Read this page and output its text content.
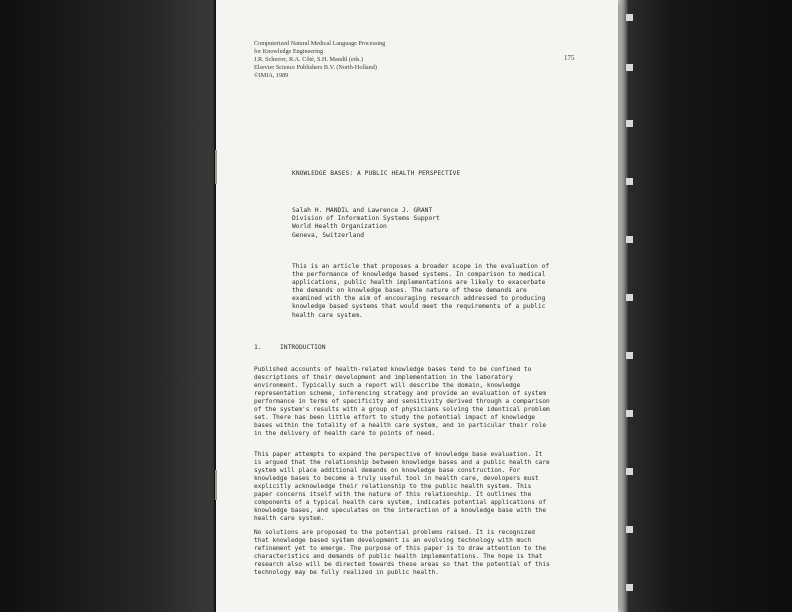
Computerized Natural Medical Language Processing
for Knowledge Engineering
J.R. Scherrer, R.A. Côté, S.H. Mandil (eds.)
Elsevier Science Publishers B.V. (North-Holland)
©IMIA, 1989
175
KNOWLEDGE BASES: A PUBLIC HEALTH PERSPECTIVE
Salah H. MANDIL and Lawrence J. GRANT
Division of Information Systems Support
World Health Organization
Geneva, Switzerland
This is an article that proposes a broader scope in the evaluation of
the performance of knowledge based systems. In comparison to medical
applications, public health implementations are likely to exacerbate
the demands on knowledge bases. The nature of these demands are
examined with the aim of encouraging research addressed to producing
knowledge based systems that would meet the requirements of a public
health care system.
1.	INTRODUCTION
Published accounts of health-related knowledge bases tend to be confined to
descriptions of their development and implementation in the laboratory
environment. Typically such a report will describe the domain, knowledge
representation scheme, inferencing strategy and provide an evaluation of system
performance in terms of specificity and sensitivity derived through a comparison
of the system's results with a group of physicians solving the identical problem
set. There has been little effort to study the potential impact of knowledge
bases within the totality of a health care system, and in particular their role
in the delivery of health care to points of need.
This paper attempts to expand the perspective of knowledge base evaluation. It
is argued that the relationship between knowledge bases and a public health care
system will place additional demands on knowledge base construction. For
knowledge bases to become a truly useful tool in health care, developers must
explicitly acknowledge their relationship to the public health system. This
paper concerns itself with the nature of this relationship. It outlines the
components of a typical health care system, indicates potential applications of
knowledge bases, and speculates on the interaction of a knowledge base with the
health care system.
No solutions are proposed to the potential problems raised. It is recognized
that knowledge based system development is an evolving technology with much
refinement yet to emerge. The purpose of this paper is to draw attention to the
characteristics and demands of public health implementations. The hope is that
research also will be directed towards these areas so that the potential of this
technology may be fully realized in public health.
